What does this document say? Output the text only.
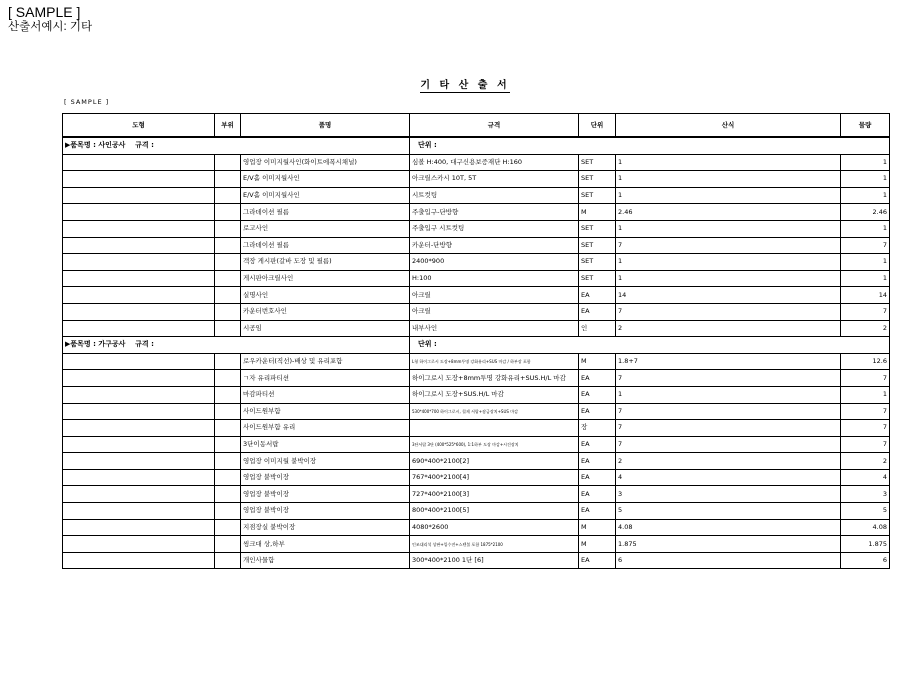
[ SAMPLE ]
산출서예시: 기타
기 타 산 출 서
[ SAMPLE ]
도형	부위	품명	규격	단위	산식	물량
▶품목명 : 사인공사    규격 :			단위 :			
		영업장 이미지월사인(화이트에폭시채널)	심볼 H:400, 대구신용보증재단 H:160	SET	1	1
		E/V홀 이미지월사인	아크릴스카시 10T, 5T	SET	1	1
		E/V홀 이미지월사인	시트컷팅	SET	1	1
		그라데이션 필름	주출입구-단방향	M	2.46	2.46
		로고사인	주출입구 시트컷팅	SET	1	1
		그라데이션 필름	카운터-단방향	SET	7	7
		객장 게시판(갈바 도장 및 필름)	2400*900	SET	1	1
		게시판아크릴사인	H:100	SET	1	1
		실명사인	아크릴	EA	14	14
		카운터번호사인	아크릴	EA	7	7
		시공임	내부사인	인	2	2
▶품목명 : 가구공사    규격 :			단위 :			
		로우카운터(직선)-배상 및 유리포함	L형 하이그로시 도장+8mm투명 강화유리+SUS 마감 / 하부장 포함	M	1.8+7	12.6
		ㄱ자 유리파티션	하이그로시 도장+8mm투명 강화유리+SUS.H/L 마감	EA	7	7
		마감파티션	하이그로시 도장+SUS.H/L 마감	EA	1	1
		사이드원부함	530*400*700 하이그로시, 철제 서랍+잠금장치+SUS 마감	EA	7	7
		사이드원부함 유리		장	7	7
		3단이동서랍	3단서랍 3단 (400*525*600), 1:1하부 도장 마감+시건장치	EA	7	7
		영업장 이미지월 붙박이장	690*400*2100[2]	EA	2	2
		영업장 붙박이장	767*400*2100[4]	EA	4	4
		영업장 붙박이장	727*400*2100[3]	EA	3	3
		영업장 붙박이장	800*400*2100[5]	EA	5	5
		지점장실 붙박이장	4080*2600	M	4.08	4.08
		씽크대 상,하부	인조대리석 상판+입수전+스텐볼 포함 1875*2100	M	1.875	1.875
		개인사물함	300*400*2100 1단 [6]	EA	6	6
